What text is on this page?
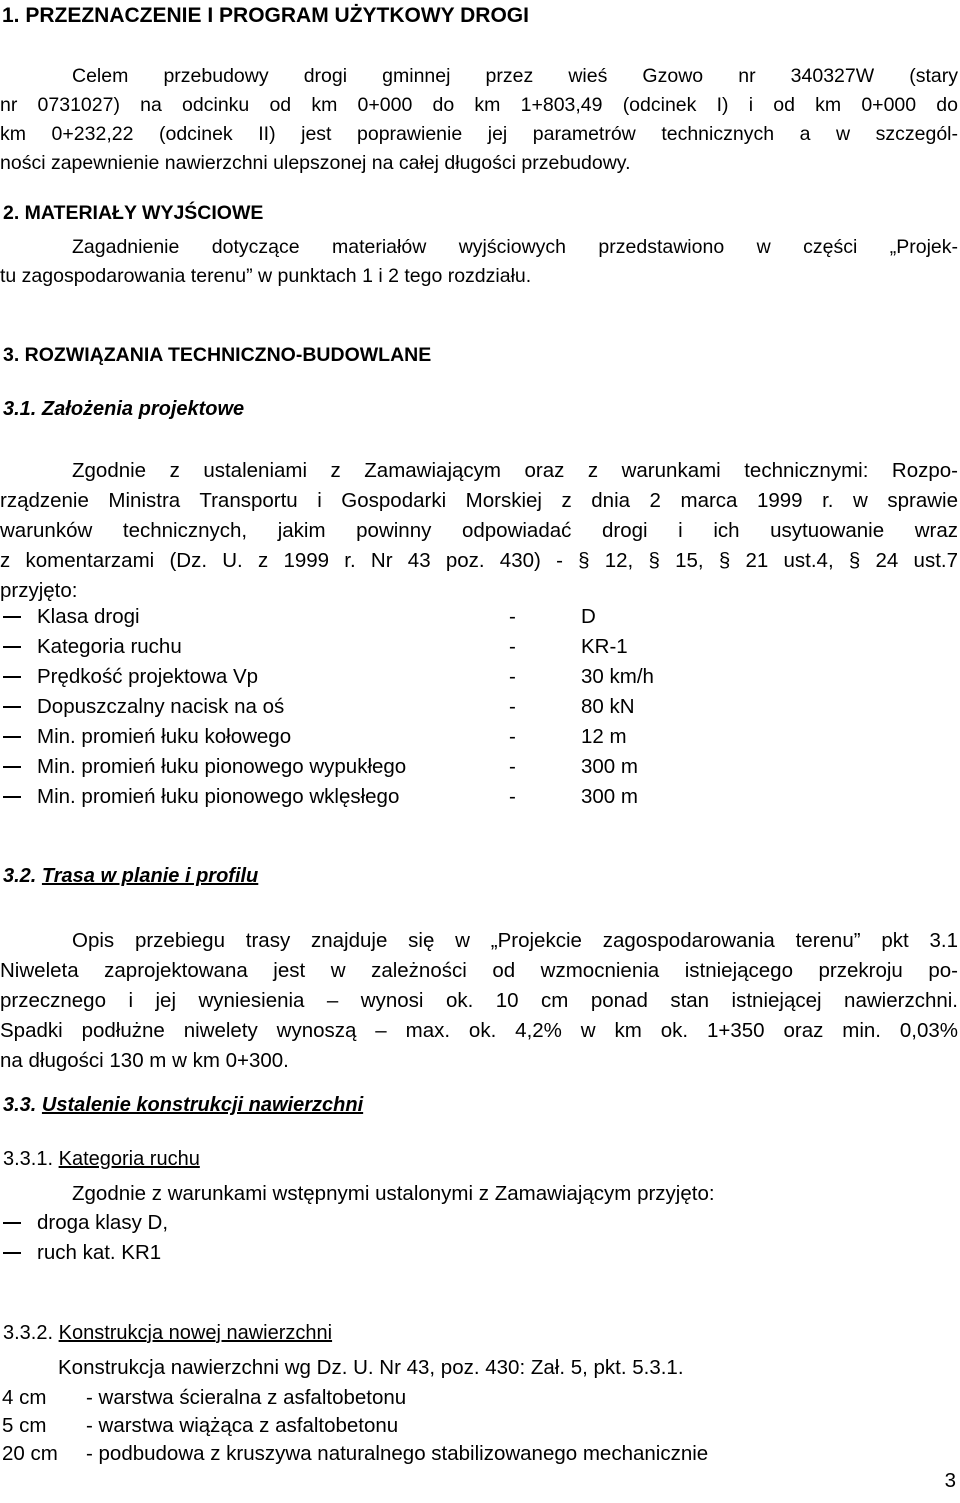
1. PRZEZNACZENIE I PROGRAM UŻYTKOWY DROGI
Celem przebudowy drogi gminnej przez wieś Gzowo nr 340327W (stary
nr 0731027) na odcinku od km 0+000 do km 1+803,49 (odcinek I) i od km 0+000 do
km 0+232,22 (odcinek II) jest poprawienie jej parametrów technicznych a w szczegól-
ności zapewnienie nawierzchni ulepszonej na całej długości przebudowy.
2. MATERIAŁY WYJŚCIOWE
Zagadnienie dotyczące materiałów wyjściowych przedstawiono w części „Projek-
tu zagospodarowania terenu” w punktach 1 i 2 tego rozdziału.
3. ROZWIĄZANIA TECHNICZNO-BUDOWLANE
3.1. Założenia projektowe
Zgodnie z ustaleniami z Zamawiającym oraz z warunkami technicznymi: Rozpo-
rządzenie Ministra Transportu i Gospodarki Morskiej z dnia 2 marca 1999 r. w sprawie
warunków technicznych, jakim powinny odpowiadać drogi i ich usytuowanie wraz
z komentarzami (Dz. U. z 1999 r. Nr 43 poz. 430) - § 12, § 15, § 21 ust.4, § 24 ust.7
przyjęto:
Klasa drogi	-	D
Kategoria ruchu	-	KR-1
Prędkość projektowa Vp	-	30 km/h
Dopuszczalny nacisk na oś	-	80 kN
Min. promień łuku kołowego	-	12 m
Min. promień łuku pionowego wypukłego	-	300 m
Min. promień łuku pionowego wklęsłego	-	300 m
3.2. Trasa w planie i profilu
Opis przebiegu trasy znajduje się w „Projekcie zagospodarowania terenu” pkt 3.1
Niweleta zaprojektowana jest w zależności od wzmocnienia istniejącego przekroju po-
przecznego i jej wyniesienia – wynosi ok. 10 cm ponad stan istniejącej nawierzchni.
Spadki podłużne niwelety wynoszą – max. ok. 4,2% w km ok. 1+350 oraz min. 0,03%
na długości 130 m w km 0+300.
3.3. Ustalenie konstrukcji nawierzchni
3.3.1. Kategoria ruchu
Zgodnie z warunkami wstępnymi ustalonymi z Zamawiającym przyjęto:
droga klasy D,
ruch kat. KR1
3.3.2. Konstrukcja nowej nawierzchni
Konstrukcja nawierzchni wg Dz. U. Nr 43, poz. 430: Zał. 5, pkt. 5.3.1.
4 cm - warstwa ścieralna z asfaltobetonu
5 cm - warstwa wiążąca z asfaltobetonu
20 cm - podbudowa z kruszywa naturalnego stabilizowanego mechanicznie
3
